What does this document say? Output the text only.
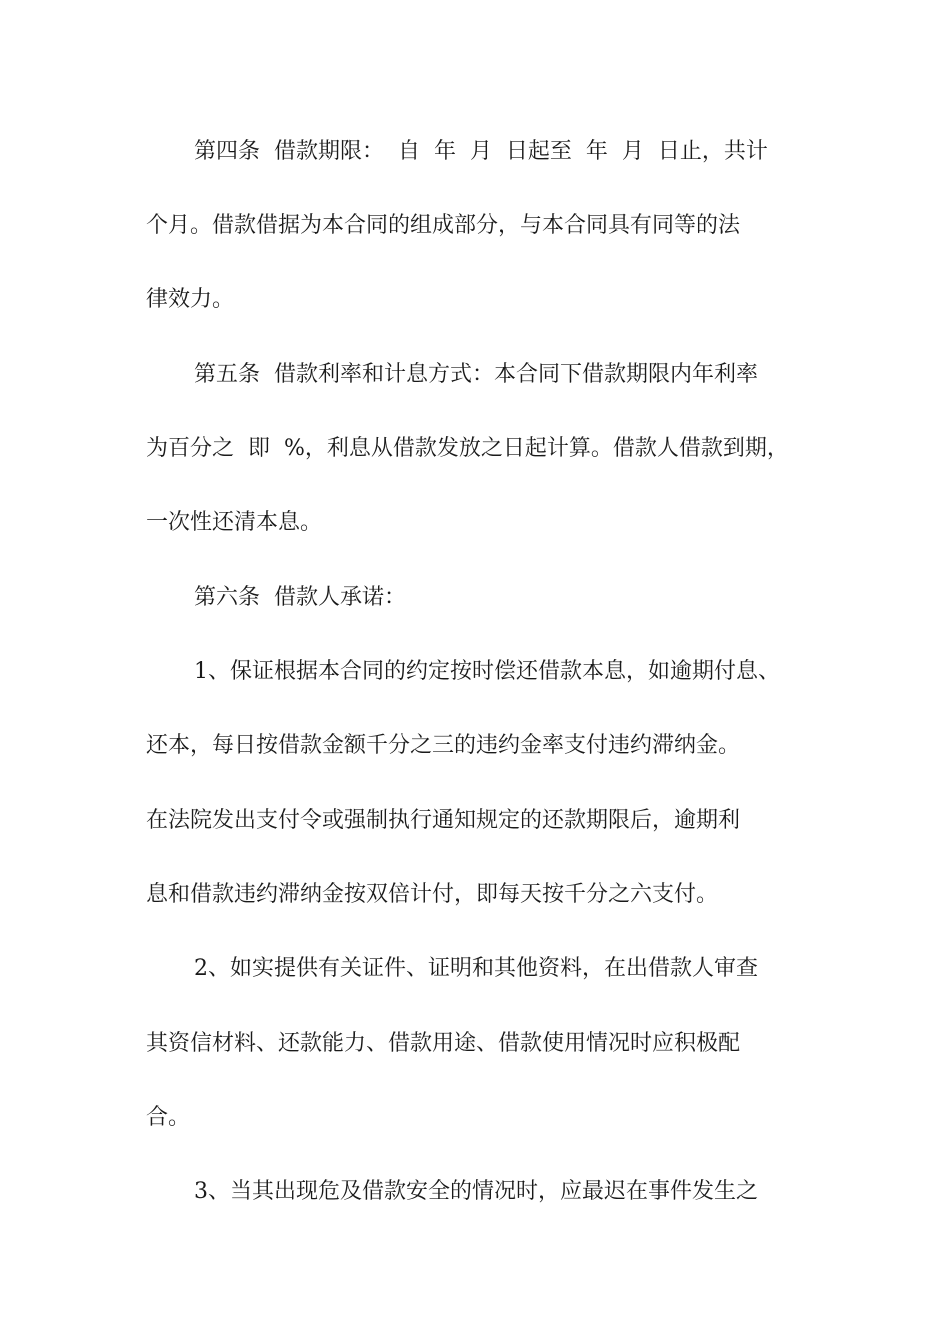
第四条  借款期限：  自  年  月  日起至  年  月  日止，共计
个月。借款借据为本合同的组成部分，与本合同具有同等的法
律效力。
第五条  借款利率和计息方式：本合同下借款期限内年利率
为百分之  即  %，利息从借款发放之日起计算。借款人借款到期，
一次性还清本息。
第六条  借款人承诺：
1、保证根据本合同的约定按时偿还借款本息，如逾期付息、
还本，每日按借款金额千分之三的违约金率支付违约滞纳金。
在法院发出支付令或强制执行通知规定的还款期限后，逾期利
息和借款违约滞纳金按双倍计付，即每天按千分之六支付。
2、如实提供有关证件、证明和其他资料，在出借款人审查
其资信材料、还款能力、借款用途、借款使用情况时应积极配
合。
3、当其出现危及借款安全的情况时，应最迟在事件发生之
